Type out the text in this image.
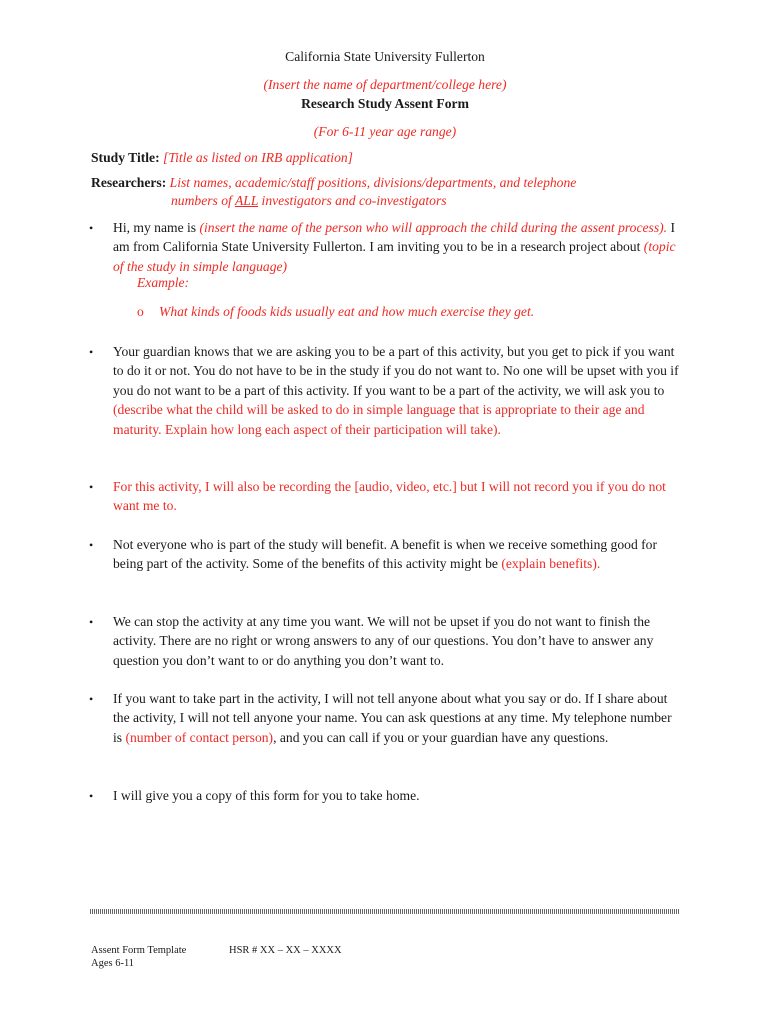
California State University Fullerton
(Insert the name of department/college here)
Research Study Assent Form
(For 6-11 year age range)
Study Title: [Title as listed on IRB application]
Researchers: List names, academic/staff positions, divisions/departments, and telephone
numbers of ALL investigators and co-investigators
• Hi, my name is (insert the name of the person who will approach the child during the assent process). I am from California State University Fullerton. I am inviting you to be in a research project about (topic of the study in simple language)
Example:
o What kinds of foods kids usually eat and how much exercise they get.
• Your guardian knows that we are asking you to be a part of this activity, but you get to pick if you want to do it or not. You do not have to be in the study if you do not want to. No one will be upset with you if you do not want to be a part of this activity. If you want to be a part of the activity, we will ask you to (describe what the child will be asked to do in simple language that is appropriate to their age and maturity. Explain how long each aspect of their participation will take).
• For this activity, I will also be recording the [audio, video, etc.] but I will not record you if you do not want me to.
• Not everyone who is part of the study will benefit. A benefit is when we receive something good for being part of the activity. Some of the benefits of this activity might be (explain benefits).
• We can stop the activity at any time you want. We will not be upset if you do not want to finish the activity. There are no right or wrong answers to any of our questions. You don’t have to answer any question you don’t want to or do anything you don’t want to.
• If you want to take part in the activity, I will not tell anyone about what you say or do. If I share about the activity, I will not tell anyone your name. You can ask questions at any time. My telephone number is (number of contact person), and you can call if you or your guardian have any questions.
• I will give you a copy of this form for you to take home.
Assent Form Template
Ages 6-11
HSR # XX – XX – XXXX
